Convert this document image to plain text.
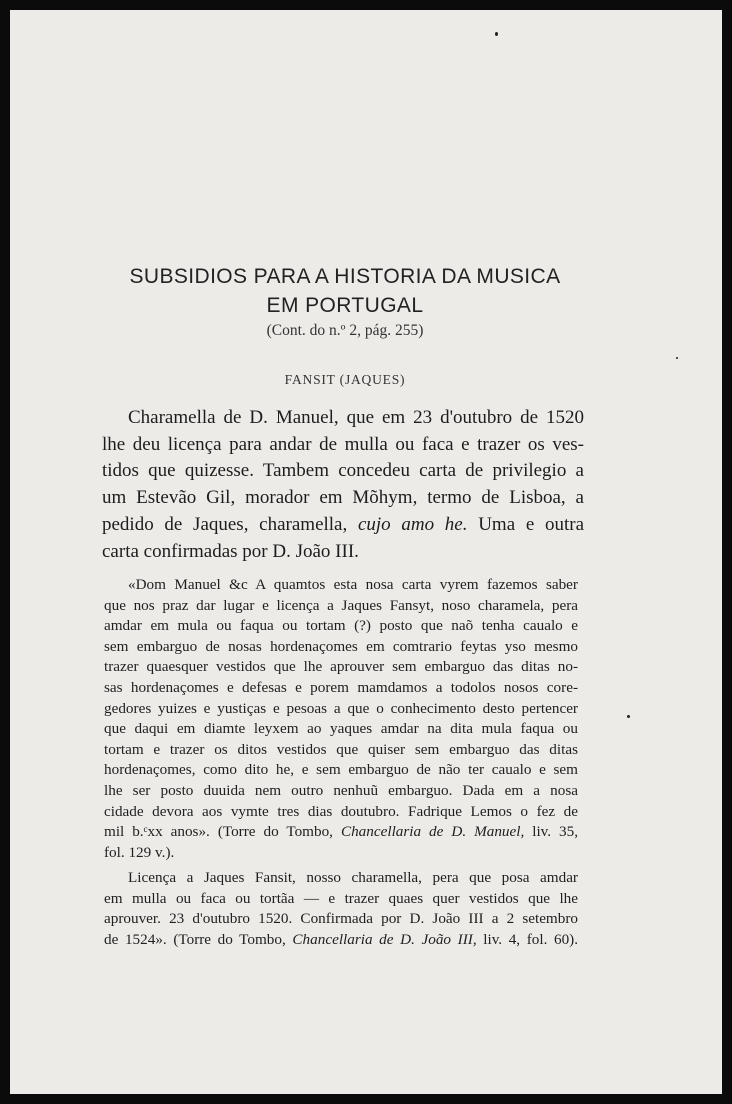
SUBSIDIOS PARA A HISTORIA DA MUSICA
EM PORTUGAL
(Cont. do n.º 2, pág. 255)
FANSIT (JAQUES)
Charamella de D. Manuel, que em 23 d'outubro de 1520
lhe deu licença para andar de mulla ou faca e trazer os ves-
tidos que quizesse. Tambem concedeu carta de privilegio a
um Estevão Gil, morador em Mõhym, termo de Lisboa, a
pedido de Jaques, charamella, cujo amo he. Uma e outra
carta confirmadas por D. João III.
«Dom Manuel &c A quamtos esta nosa carta vyrem fazemos saber
que nos praz dar lugar e licença a Jaques Fansyt, noso charamela, pera
amdar em mula ou faqua ou tortam (?) posto que naõ tenha caualo e
sem embarguo de nosas hordenaçomes em comtrario feytas yso mesmo
trazer quaesquer vestidos que lhe aprouver sem embarguo das ditas no-
sas hordenaçomes e defesas e porem mamdamos a todolos nosos core-
gedores yuizes e yustiças e pesoas a que o conhecimento desto pertencer
que daqui em diamte leyxem ao yaques amdar na dita mula faqua ou
tortam e trazer os ditos vestidos que quiser sem embarguo das ditas
hordenaçomes, como dito he, e sem embarguo de não ter caualo e sem
lhe ser posto duuida nem outro nenhuũ embarguo. Dada em a nosa
cidade devora aos vymte tres dias doutubro. Fadrique Lemos o fez de
mil b.ᶜxx anos». (Torre do Tombo, Chancellaria de D. Manuel, liv. 35,
fol. 129 v.).
Licença a Jaques Fansit, nosso charamella, pera que posa amdar
em mulla ou faca ou tortãa — e trazer quaes quer vestidos que lhe
aprouver. 23 d'outubro 1520. Confirmada por D. João III a 2 setembro
de 1524». (Torre do Tombo, Chancellaria de D. João III, liv. 4, fol. 60).
